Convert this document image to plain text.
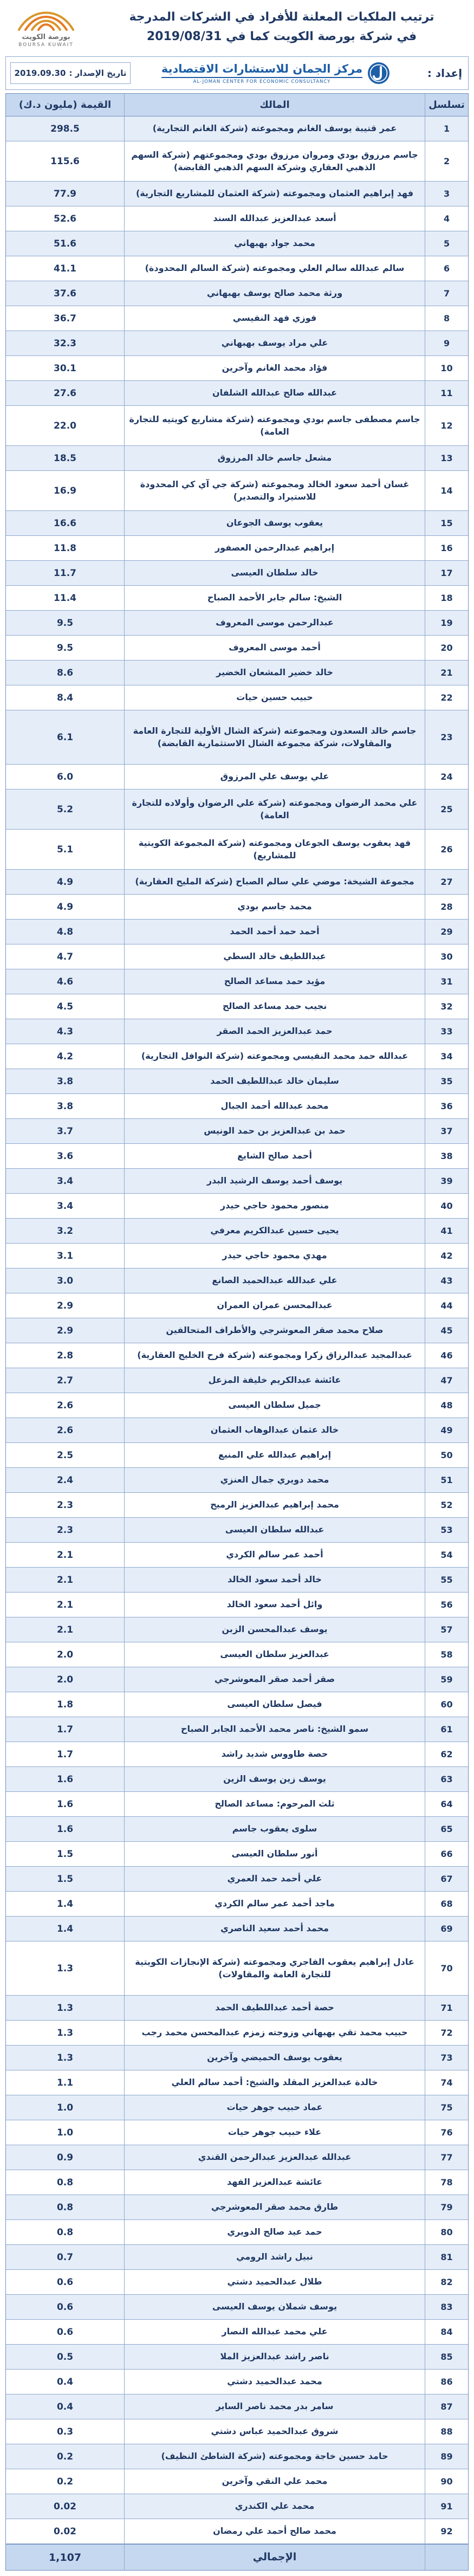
ترتيب الملكيات المعلنة للأفراد في الشركات المدرجة
في شركة بورصة الكويت كما في 2019/08/31
بورصة الكويت
BOURSA KUWAIT
إعداد :
مركز الجمان للاستشارات الاقتصادية
AL-JOMAN CENTER FOR ECONOMIC CONSULTANCY
تاريخ الإصدار :
2019.09.30
تسلسل
المالك
القيمة (مليون د.ك)
1
عمر قتيبة يوسف الغانم ومجموعته (شركة الغانم التجارية)
298.5
2
جاسم مرزوق بودي ومروان مرزوق بودي ومجموعتهم (شركة السهم الذهبي العقاري وشركة السهم الذهبي القابضة)
115.6
3
فهد إبراهيم العثمان ومجموعته (شركة العثمان للمشاريع التجارية)
77.9
4
أسعد عبدالعزيز عبدالله السند
52.6
5
محمد جواد بهبهاني
51.6
6
سالم عبدالله سالم العلي ومجموعته (شركة السالم المحدودة)
41.1
7
ورثة محمد صالح يوسف بهبهاني
37.6
8
فوزي فهد النفيسي
36.7
9
علي مراد يوسف بهبهاني
32.3
10
فؤاد محمد الغانم وآخرين
30.1
11
عبدالله صالح عبدالله الشلفان
27.6
12
جاسم مصطفى جاسم بودي ومجموعته (شركة مشاريع كويتيه للتجارة العامة)
22.0
13
مشعل جاسم خالد المرزوق
18.5
14
غسان أحمد سعود الخالد ومجموعته (شركة جي آي كي المحدودة للاستيراد والتصدير)
16.9
15
يعقوب يوسف الجوعان
16.6
16
إبراهيم عبدالرحمن العصفور
11.8
17
خالد سلطان العيسى
11.7
18
الشيخ: سالم جابر الأحمد الصباح
11.4
19
عبدالرحمن موسى المعروف
9.5
20
أحمد موسى المعروف
9.5
21
خالد خضير المشعان الخضير
8.6
22
حبيب حسين حيات
8.4
23
جاسم خالد السعدون ومجموعته (شركة الشال الأولية للتجارة العامة والمقاولات، شركة مجموعة الشال الاستثمارية القابضة)
6.1
24
علي يوسف علي المرزوق
6.0
25
علي محمد الرضوان ومجموعته (شركة علي الرضوان وأولاده للتجارة العامة)
5.2
26
فهد يعقوب يوسف الجوعان ومجموعته (شركة المجموعة الكويتية للمشاريع)
5.1
27
مجموعة الشيخة: موضي علي سالم الصباح (شركة المليح العقارية)
4.9
28
محمد جاسم بودي
4.9
29
أحمد حمد أحمد الحمد
4.8
30
عبداللطيف خالد السطي
4.7
31
مؤيد حمد مساعد الصالح
4.6
32
نجيب حمد مساعد الصالح
4.5
33
حمد عبدالعزيز الحمد الصقر
4.3
34
عبدالله حمد محمد النفيسي ومجموعته (شركة النوافل التجارية)
4.2
35
سليمان خالد عبداللطيف الحمد
3.8
36
محمد عبدالله أحمد الجبال
3.8
37
حمد بن عبدالعزيز بن حمد الونيس
3.7
38
أحمد صالح الشايع
3.6
39
يوسف أحمد يوسف الرشيد البدر
3.4
40
منصور محمود حاجي حيدر
3.4
41
يحيى حسين عبدالكريم معرفي
3.2
42
مهدي محمود حاجي حيدر
3.1
43
علي عبدالله عبدالحميد الصانع
3.0
44
عبدالمحسن عمران العمران
2.9
45
صلاح محمد صقر المعوشرجي والأطراف المتحالفين
2.9
46
عبدالمجيد عبدالرزاق زكرا ومجموعته (شركة فرح الخليج العقارية)
2.8
47
عائشة عبدالكريم خليفة المزعل
2.7
48
جميل سلطان العيسى
2.6
49
خالد عثمان عبدالوهاب العثمان
2.6
50
إبراهيم عبدالله علي المنيع
2.5
51
محمد دويري جمال العنزي
2.4
52
محمد إبراهيم عبدالعزيز الرميح
2.3
53
عبدالله سلطان العيسى
2.3
54
أحمد عمر سالم الكردي
2.1
55
خالد أحمد سعود الخالد
2.1
56
وائل أحمد سعود الخالد
2.1
57
يوسف عبدالمحسن الزبن
2.1
58
عبدالعزيز سلطان العيسى
2.0
59
صقر أحمد صقر المعوشرجي
2.0
60
فيصل سلطان العيسى
1.8
61
سمو الشيخ: ناصر محمد الأحمد الجابر الصباح
1.7
62
حصة طاووس شديد راشد
1.7
63
يوسف زين يوسف الزين
1.6
64
ثلث المرحوم: مساعد الصالح
1.6
65
سلوى يعقوب جاسم
1.6
66
أنور سلطان العيسى
1.5
67
علي أحمد حمد العمري
1.5
68
ماجد أحمد عمر سالم الكردي
1.4
69
محمد أحمد سعيد الناصري
1.4
70
عادل إبراهيم يعقوب الفاجري ومجموعته (شركة الإنجازات الكويتية للتجارة العامة والمقاولات)
1.3
71
حصة أحمد عبداللطيف الحمد
1.3
72
حبيب محمد تقي بهبهاني وزوجته زمزم عبدالمحسن محمد رجب
1.3
73
يعقوب يوسف الحميضي وآخرين
1.3
74
خالدة عبدالعزيز المقلد والشيخ: أحمد سالم العلي
1.1
75
عماد حبيب جوهر حيات
1.0
76
علاء حبيب جوهر حيات
1.0
77
عبدالله عبدالعزيز عبدالرحمن القندي
0.9
78
عائشة عبدالعزيز الفهد
0.8
79
طارق محمد صقر المعوشرجي
0.8
80
حمد عيد صالح الدويري
0.8
81
نبيل راشد الرومي
0.7
82
طلال عبدالحميد دشتي
0.6
83
يوسف شملان يوسف العيسى
0.6
84
علي محمد عبدالله النصار
0.6
85
ناصر راشد عبدالعزيز الملا
0.5
86
محمد عبدالحميد دشتي
0.4
87
سامر بدر محمد ناصر الساير
0.4
88
شروق عبدالحميد عباس دشتي
0.3
89
حامد حسين خاجة ومجموعته (شركة الشاطئ النظيف)
0.2
90
محمد علي النقي وآخرين
0.2
91
محمد علي الكندري
0.02
92
محمد صالح أحمد علي رمضان
0.02
الإجمالي
1,107
